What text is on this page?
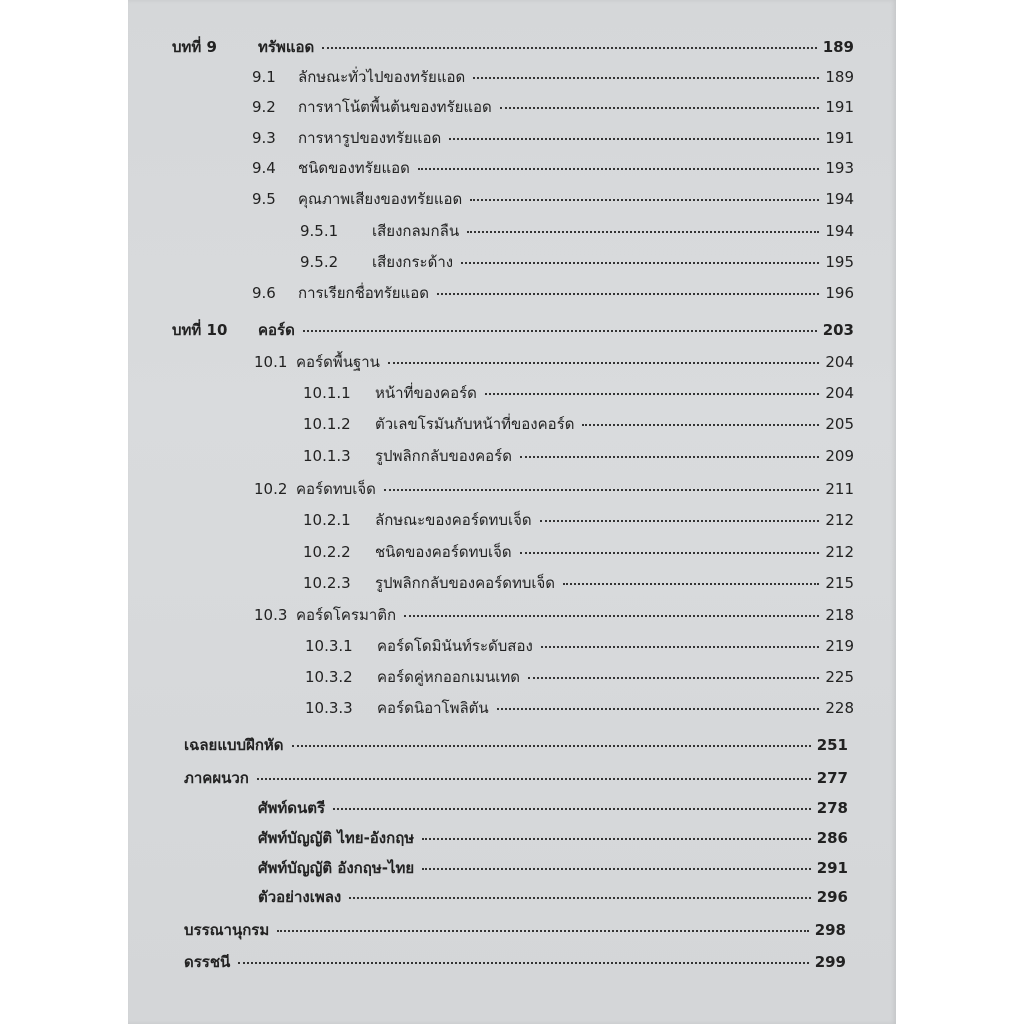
บทที่ 9	ทรัพแอด	189
9.1	ลักษณะทั่วไปของทรัยแอด	189
9.2	การหาโน้ตพื้นต้นของทรัยแอด	191
9.3	การหารูปของทรัยแอด	191
9.4	ชนิดของทรัยแอด	193
9.5	คุณภาพเสียงของทรัยแอด	194
9.5.1	เสียงกลมกลืน	194
9.5.2	เสียงกระด้าง	195
9.6	การเรียกชื่อทรัยแอด	196
บทที่ 10	คอร์ด	203
10.1 คอร์ดพื้นฐาน	204
10.1.1	หน้าที่ของคอร์ด	204
10.1.2	ตัวเลขโรมันกับหน้าที่ของคอร์ด	205
10.1.3	รูปพลิกกลับของคอร์ด	209
10.2 คอร์ดทบเจ็ด	211
10.2.1	ลักษณะของคอร์ดทบเจ็ด	212
10.2.2	ชนิดของคอร์ดทบเจ็ด	212
10.2.3	รูปพลิกกลับของคอร์ดทบเจ็ด	215
10.3 คอร์ดโครมาติก	218
10.3.1	คอร์ดโดมินันท์ระดับสอง	219
10.3.2	คอร์ดคู่หกออกเมนเทด	225
10.3.3	คอร์ดนิอาโพลิตัน	228
เฉลยแบบฝึกหัด	251
ภาคผนวก	277
ศัพท์ดนตรี	278
ศัพท์บัญญัติ ไทย-อังกฤษ	286
ศัพท์บัญญัติ อังกฤษ-ไทย	291
ตัวอย่างเพลง	296
บรรณานุกรม	298
ดรรชนี	299
